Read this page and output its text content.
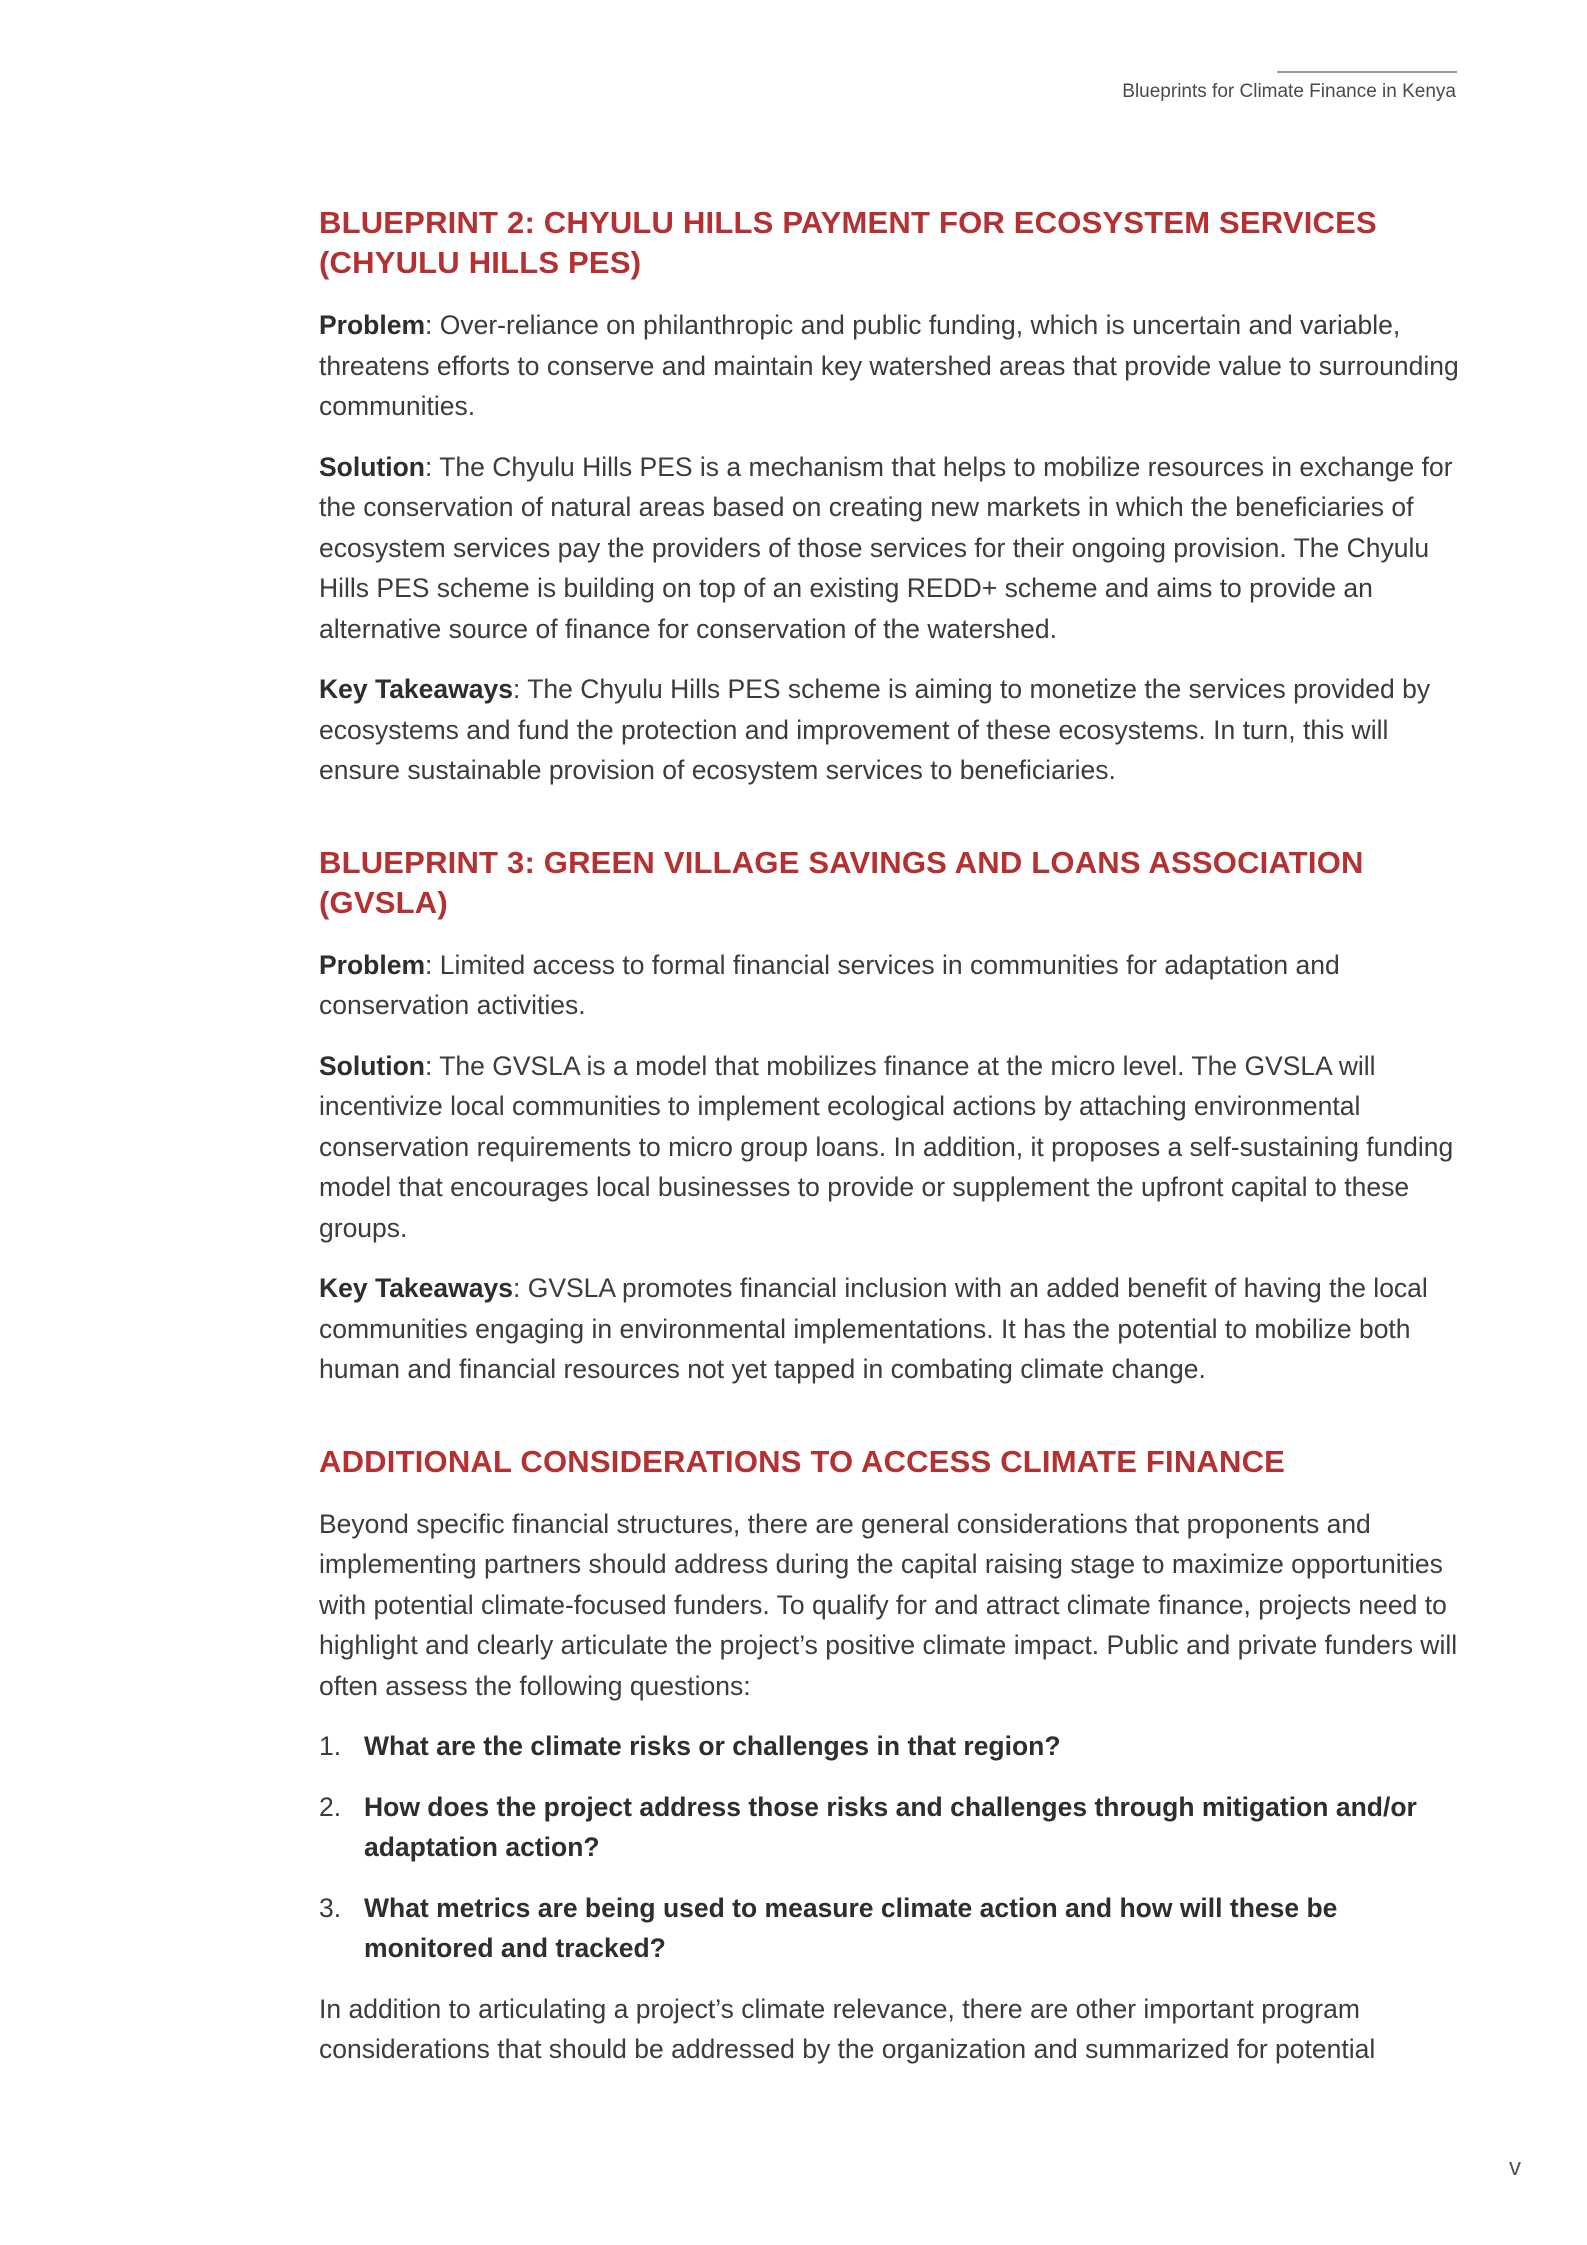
Blueprints for Climate Finance in Kenya
BLUEPRINT 2: CHYULU HILLS PAYMENT FOR ECOSYSTEM SERVICES (CHYULU HILLS PES)

Problem: Over-reliance on philanthropic and public funding, which is uncertain and variable, threatens efforts to conserve and maintain key watershed areas that provide value to surrounding communities.

Solution: The Chyulu Hills PES is a mechanism that helps to mobilize resources in exchange for the conservation of natural areas based on creating new markets in which the beneficiaries of ecosystem services pay the providers of those services for their ongoing provision. The Chyulu Hills PES scheme is building on top of an existing REDD+ scheme and aims to provide an alternative source of finance for conservation of the watershed.

Key Takeaways: The Chyulu Hills PES scheme is aiming to monetize the services provided by ecosystems and fund the protection and improvement of these ecosystems. In turn, this will ensure sustainable provision of ecosystem services to beneficiaries.

BLUEPRINT 3: GREEN VILLAGE SAVINGS AND LOANS ASSOCIATION (GVSLA)

Problem: Limited access to formal financial services in communities for adaptation and conservation activities.

Solution: The GVSLA is a model that mobilizes finance at the micro level. The GVSLA will incentivize local communities to implement ecological actions by attaching environmental conservation requirements to micro group loans. In addition, it proposes a self-sustaining funding model that encourages local businesses to provide or supplement the upfront capital to these groups.

Key Takeaways: GVSLA promotes financial inclusion with an added benefit of having the local communities engaging in environmental implementations. It has the potential to mobilize both human and financial resources not yet tapped in combating climate change.

ADDITIONAL CONSIDERATIONS TO ACCESS CLIMATE FINANCE

Beyond specific financial structures, there are general considerations that proponents and implementing partners should address during the capital raising stage to maximize opportunities with potential climate-focused funders. To qualify for and attract climate finance, projects need to highlight and clearly articulate the project’s positive climate impact. Public and private funders will often assess the following questions:

1. What are the climate risks or challenges in that region?
2. How does the project address those risks and challenges through mitigation and/or adaptation action?
3. What metrics are being used to measure climate action and how will these be monitored and tracked?

In addition to articulating a project’s climate relevance, there are other important program considerations that should be addressed by the organization and summarized for potential

v
